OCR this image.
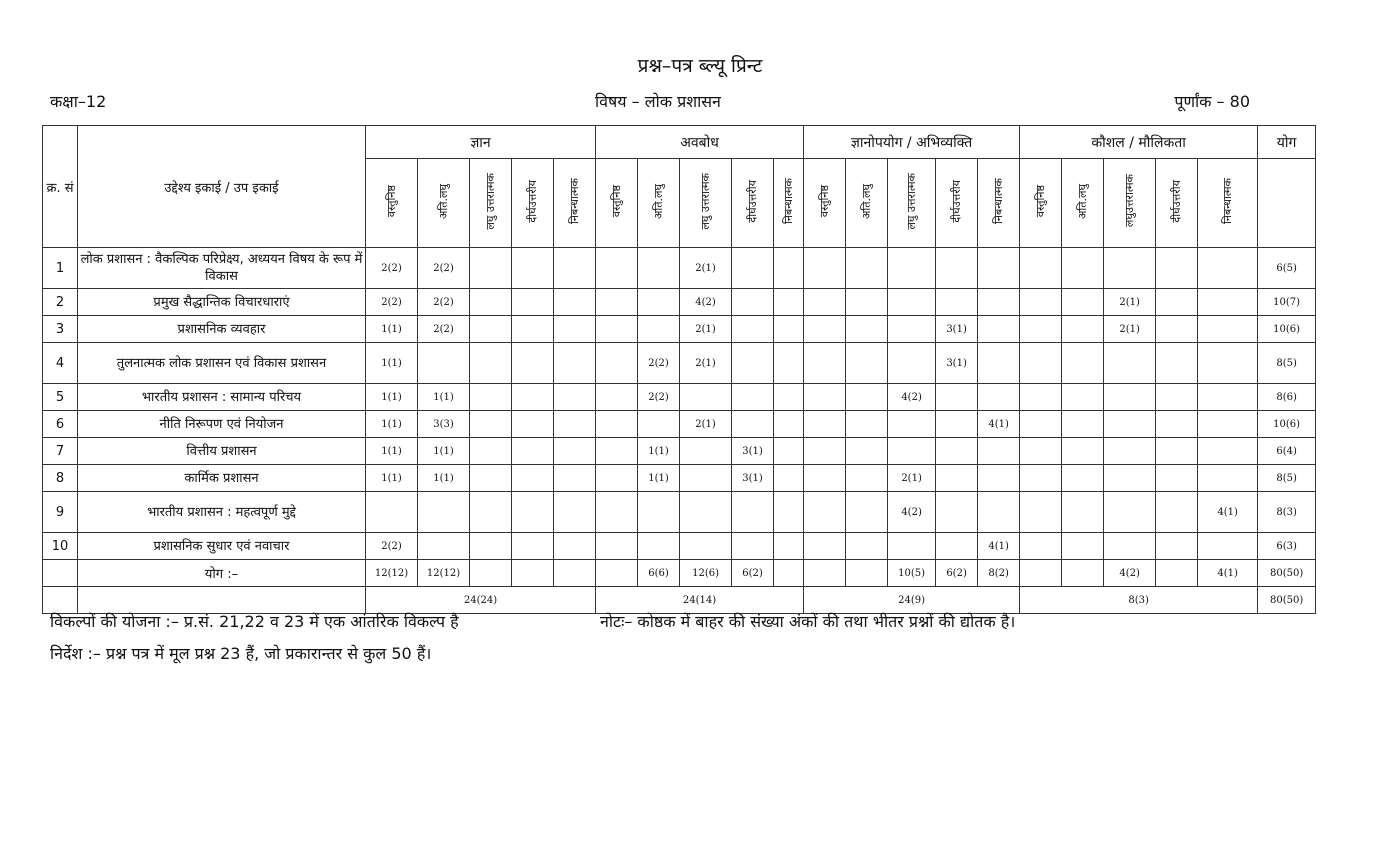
प्रश्न–पत्र ब्ल्यू प्रिन्ट
कक्षा–12	विषय – लोक प्रशासन	पूर्णांक – 80
क्र. सं	उद्देश्य इकाई / उप इकाई	ज्ञान					अवबोध					ज्ञानोपयोग / अभिव्यक्ति					कौशल / मौलिकता					योग

		वस्तुनिष्ठ	अति.लघु	लघु उत्तरात्मक	दीर्घउत्तरीय	निबन्धात्मक	वस्तुनिष्ठ	अति.लघु	लघु उत्तरात्मक	दीर्घउत्तरीय	निबन्धात्मक	वस्तुनिष्ठ	अति.लघु	लघु उत्तरात्मक	दीर्घउत्तरीय	निबन्धात्मक	वस्तुनिष्ठ	अति.लघु	लघुउत्तरात्मक	दीर्घउत्तरीय	निबन्धात्मक	

1	लोक प्रशासन : वैकल्पिक परिप्रेक्ष्य, अध्ययन विषय के रूप में विकास	2(2)	2(2)						2(1)													6(5)
2	प्रमुख सैद्धान्तिक विचारधाराएं	2(2)	2(2)						4(2)										2(1)			10(7)
3	प्रशासनिक व्यवहार	1(1)	2(2)						2(1)						3(1)				2(1)			10(6)
4	तुलनात्मक लोक प्रशासन एवं विकास प्रशासन	1(1)						2(2)	2(1)						3(1)							8(5)
5	भारतीय प्रशासन : सामान्य परिचय	1(1)	1(1)					2(2)						4(2)								8(6)
6	नीति निरूपण एवं नियोजन	1(1)	3(3)						2(1)							4(1)						10(6)
7	वित्तीय प्रशासन	1(1)	1(1)					1(1)		3(1)												6(4)
8	कार्मिक प्रशासन	1(1)	1(1)					1(1)		3(1)				2(1)								8(5)
9	भारतीय प्रशासन : महत्वपूर्ण मुद्दे													4(2)							4(1)	8(3)
10	प्रशासनिक सुधार एवं नवाचार	2(2)														4(1)						6(3)
	योग :–	12(12)	12(12)					6(6)	12(6)	6(2)				10(5)	6(2)	8(2)			4(2)		4(1)	80(50)
		24(24)					24(14)					24(9)					8(3)					80(50)
विकल्पों की योजना :– प्र.सं. 21,22 व 23 में एक आंतरिक विकल्प है	नोटः– कोष्ठक में बाहर की संख्या अंकों की तथा भीतर प्रश्नों की द्योतक है।
निर्देश :– प्रश्न पत्र में मूल प्रश्न 23 हैं, जो प्रकारान्तर से कुल 50 हैं।
